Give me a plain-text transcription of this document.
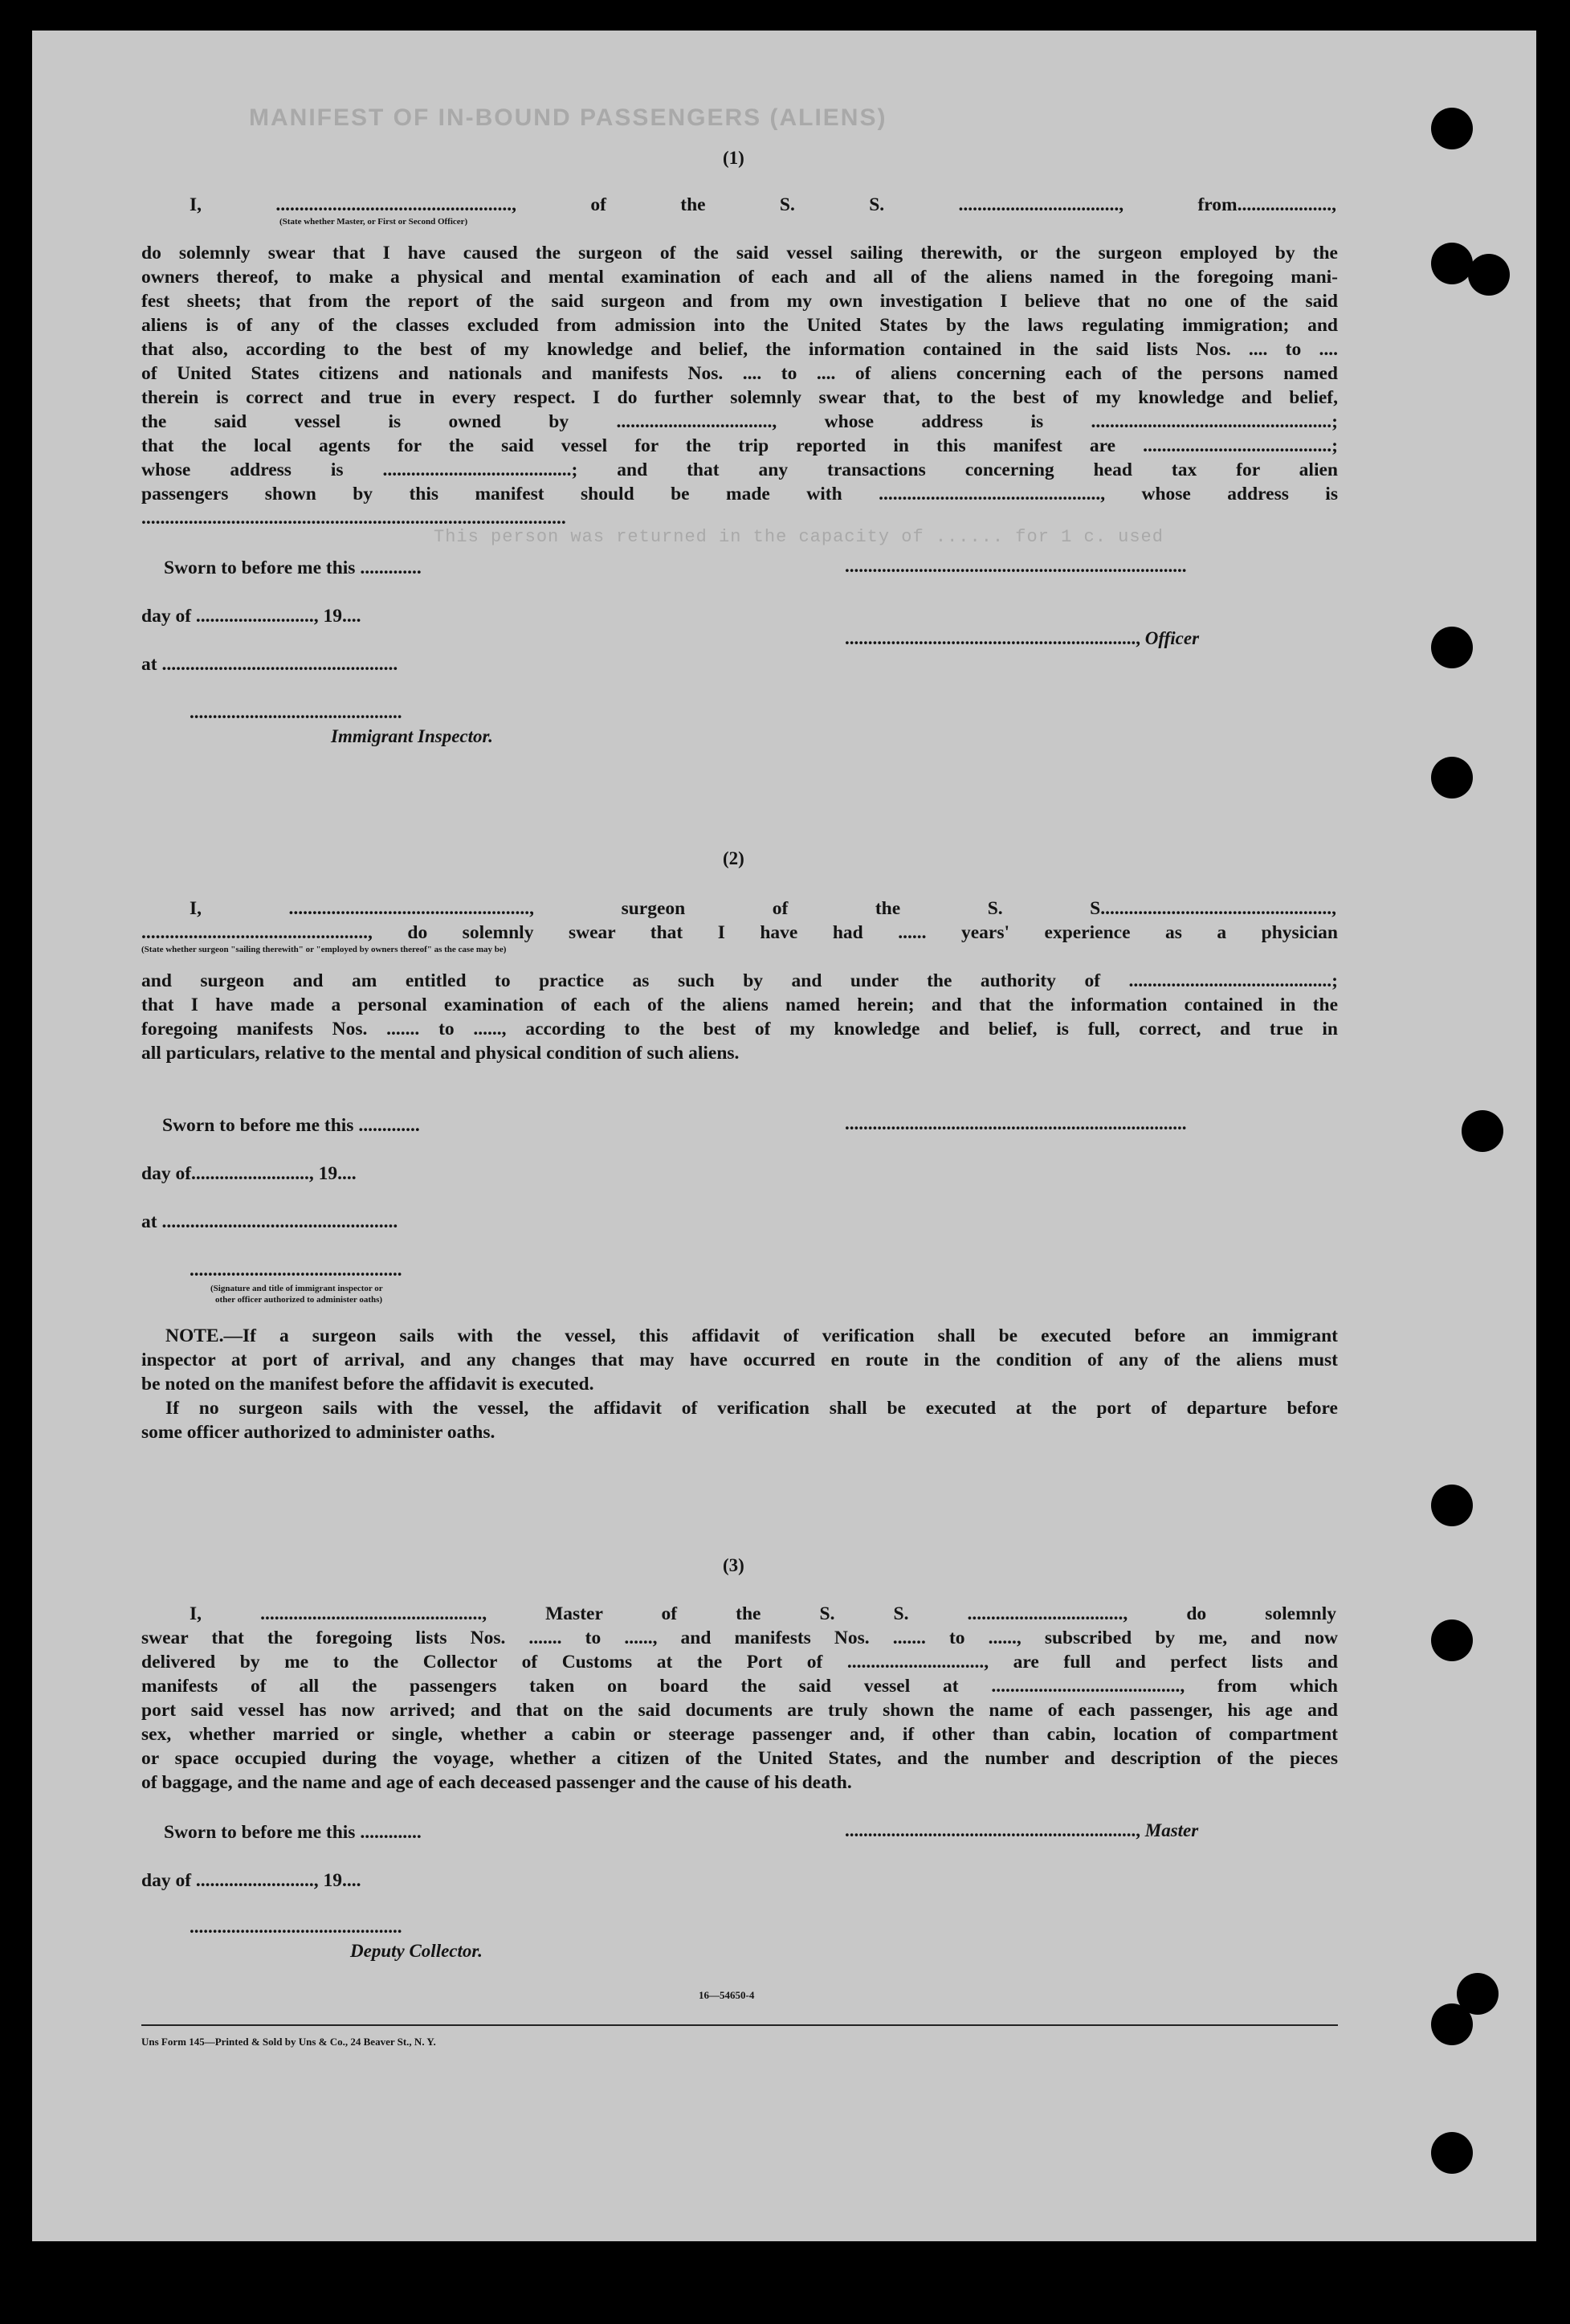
MANIFEST OF IN-BOUND PASSENGERS (ALIENS)
This person was returned in the capacity of ...... for 1 c. used
(1)
I, .................................................., of the S. S. .................................., from....................,
(State whether Master, or First or Second Officer)
do solemnly swear that I have caused the surgeon of the said vessel sailing therewith, or the surgeon employed by the
owners thereof, to make a physical and mental examination of each and all of the aliens named in the foregoing mani-
fest sheets; that from the report of the said surgeon and from my own investigation I believe that no one of the said
aliens is of any of the classes excluded from admission into the United States by the laws regulating immigration; and
that also, according to the best of my knowledge and belief, the information contained in the said lists Nos. .... to ....
of United States citizens and nationals and manifests Nos. .... to .... of aliens concerning each of the persons named
therein is correct and true in every respect. I do further solemnly swear that, to the best of my knowledge and belief,
the said vessel is owned by ................................., whose address is ...................................................;
that the local agents for the said vessel for the trip reported in this manifest are ........................................;
whose address is ........................................; and that any transactions concerning head tax for alien
passengers shown by this manifest should be made with ..............................................., whose address is
..........................................................................................
Sworn to before me this .............	..........................................................................
day of ........................., 19....
..............................................................., Officer
at ..................................................
..............................................
Immigrant Inspector.
(2)
I, ..................................................., surgeon of the S. S.................................................,
................................................, do solemnly swear that I have had ...... years' experience as a physician
(State whether surgeon "sailing therewith" or "employed by owners thereof" as the case may be)
and surgeon and am entitled to practice as such by and under the authority of ...........................................;
that I have made a personal examination of each of the aliens named herein; and that the information contained in the
foregoing manifests Nos. ....... to ......, according to the best of my knowledge and belief, is full, correct, and true in
all particulars, relative to the mental and physical condition of such aliens.
Sworn to before me this .............	..........................................................................
day of........................., 19....
at ..................................................
..............................................
(Signature and title of immigrant inspector or
other officer authorized to administer oaths)
NOTE.—If a surgeon sails with the vessel, this affidavit of verification shall be executed before an immigrant
inspector at port of arrival, and any changes that may have occurred en route in the condition of any of the aliens must
be noted on the manifest before the affidavit is executed.
If no surgeon sails with the vessel, the affidavit of verification shall be executed at the port of departure before
some officer authorized to administer oaths.
(3)
I, ..............................................., Master of the S. S. ................................., do solemnly
swear that the foregoing lists Nos. ....... to ......, and manifests Nos. ....... to ......, subscribed by me, and now
delivered by me to the Collector of Customs at the Port of ............................., are full and perfect lists and
manifests of all the passengers taken on board the said vessel at ........................................, from which
port said vessel has now arrived; and that on the said documents are truly shown the name of each passenger, his age and
sex, whether married or single, whether a cabin or steerage passenger and, if other than cabin, location of compartment
or space occupied during the voyage, whether a citizen of the United States, and the number and description of the pieces
of baggage, and the name and age of each deceased passenger and the cause of his death.
Sworn to before me this .............	..............................................................., Master
day of ........................., 19....
..............................................
Deputy Collector.
16—54650-4
Uns Form 145—Printed & Sold by Uns & Co., 24 Beaver St., N. Y.
